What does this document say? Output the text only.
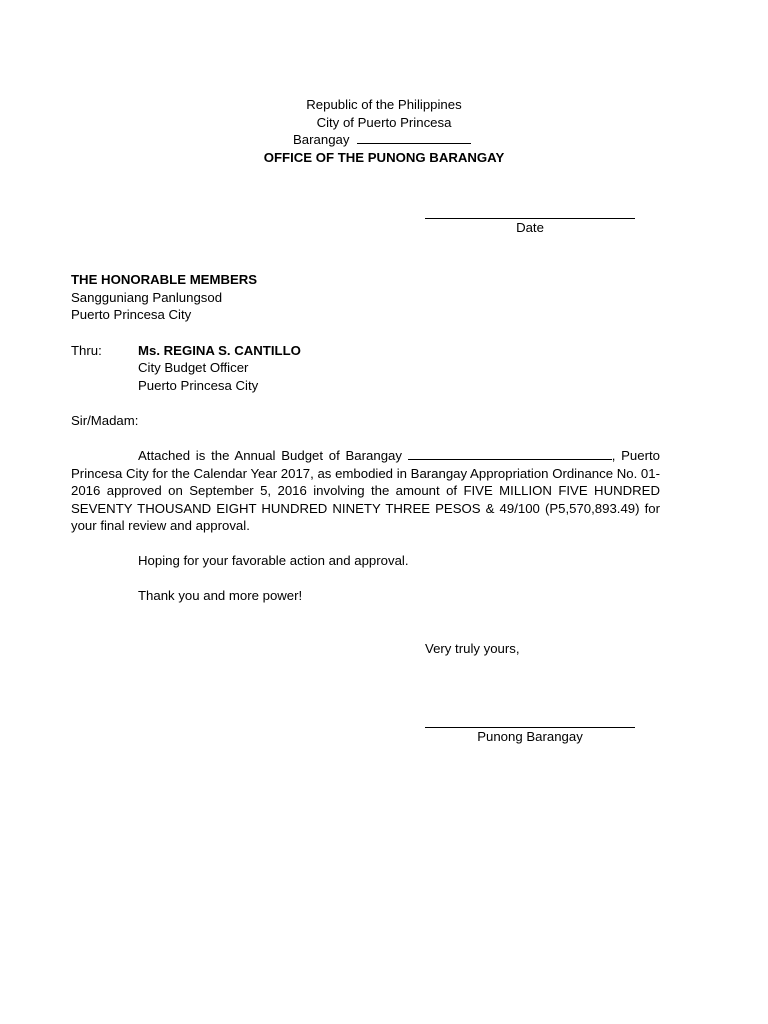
Republic of the Philippines
City of Puerto Princesa
Barangay
OFFICE OF THE PUNONG BARANGAY
Date
THE HONORABLE MEMBERS
Sangguniang Panlungsod
Puerto Princesa City
Thru:	Ms. REGINA S. CANTILLO
City Budget Officer
Puerto Princesa City
Sir/Madam:
Attached is the Annual Budget of Barangay	, Puerto Princesa City for the Calendar Year 2017, as embodied in Barangay Appropriation Ordinance No. 01-2016 approved on September 5, 2016 involving the amount of FIVE MILLION FIVE HUNDRED SEVENTY THOUSAND EIGHT HUNDRED NINETY THREE PESOS & 49/100 (P5,570,893.49) for your final review and approval.
Hoping for your favorable action and approval.
Thank you and more power!
Very truly yours,
Punong Barangay
